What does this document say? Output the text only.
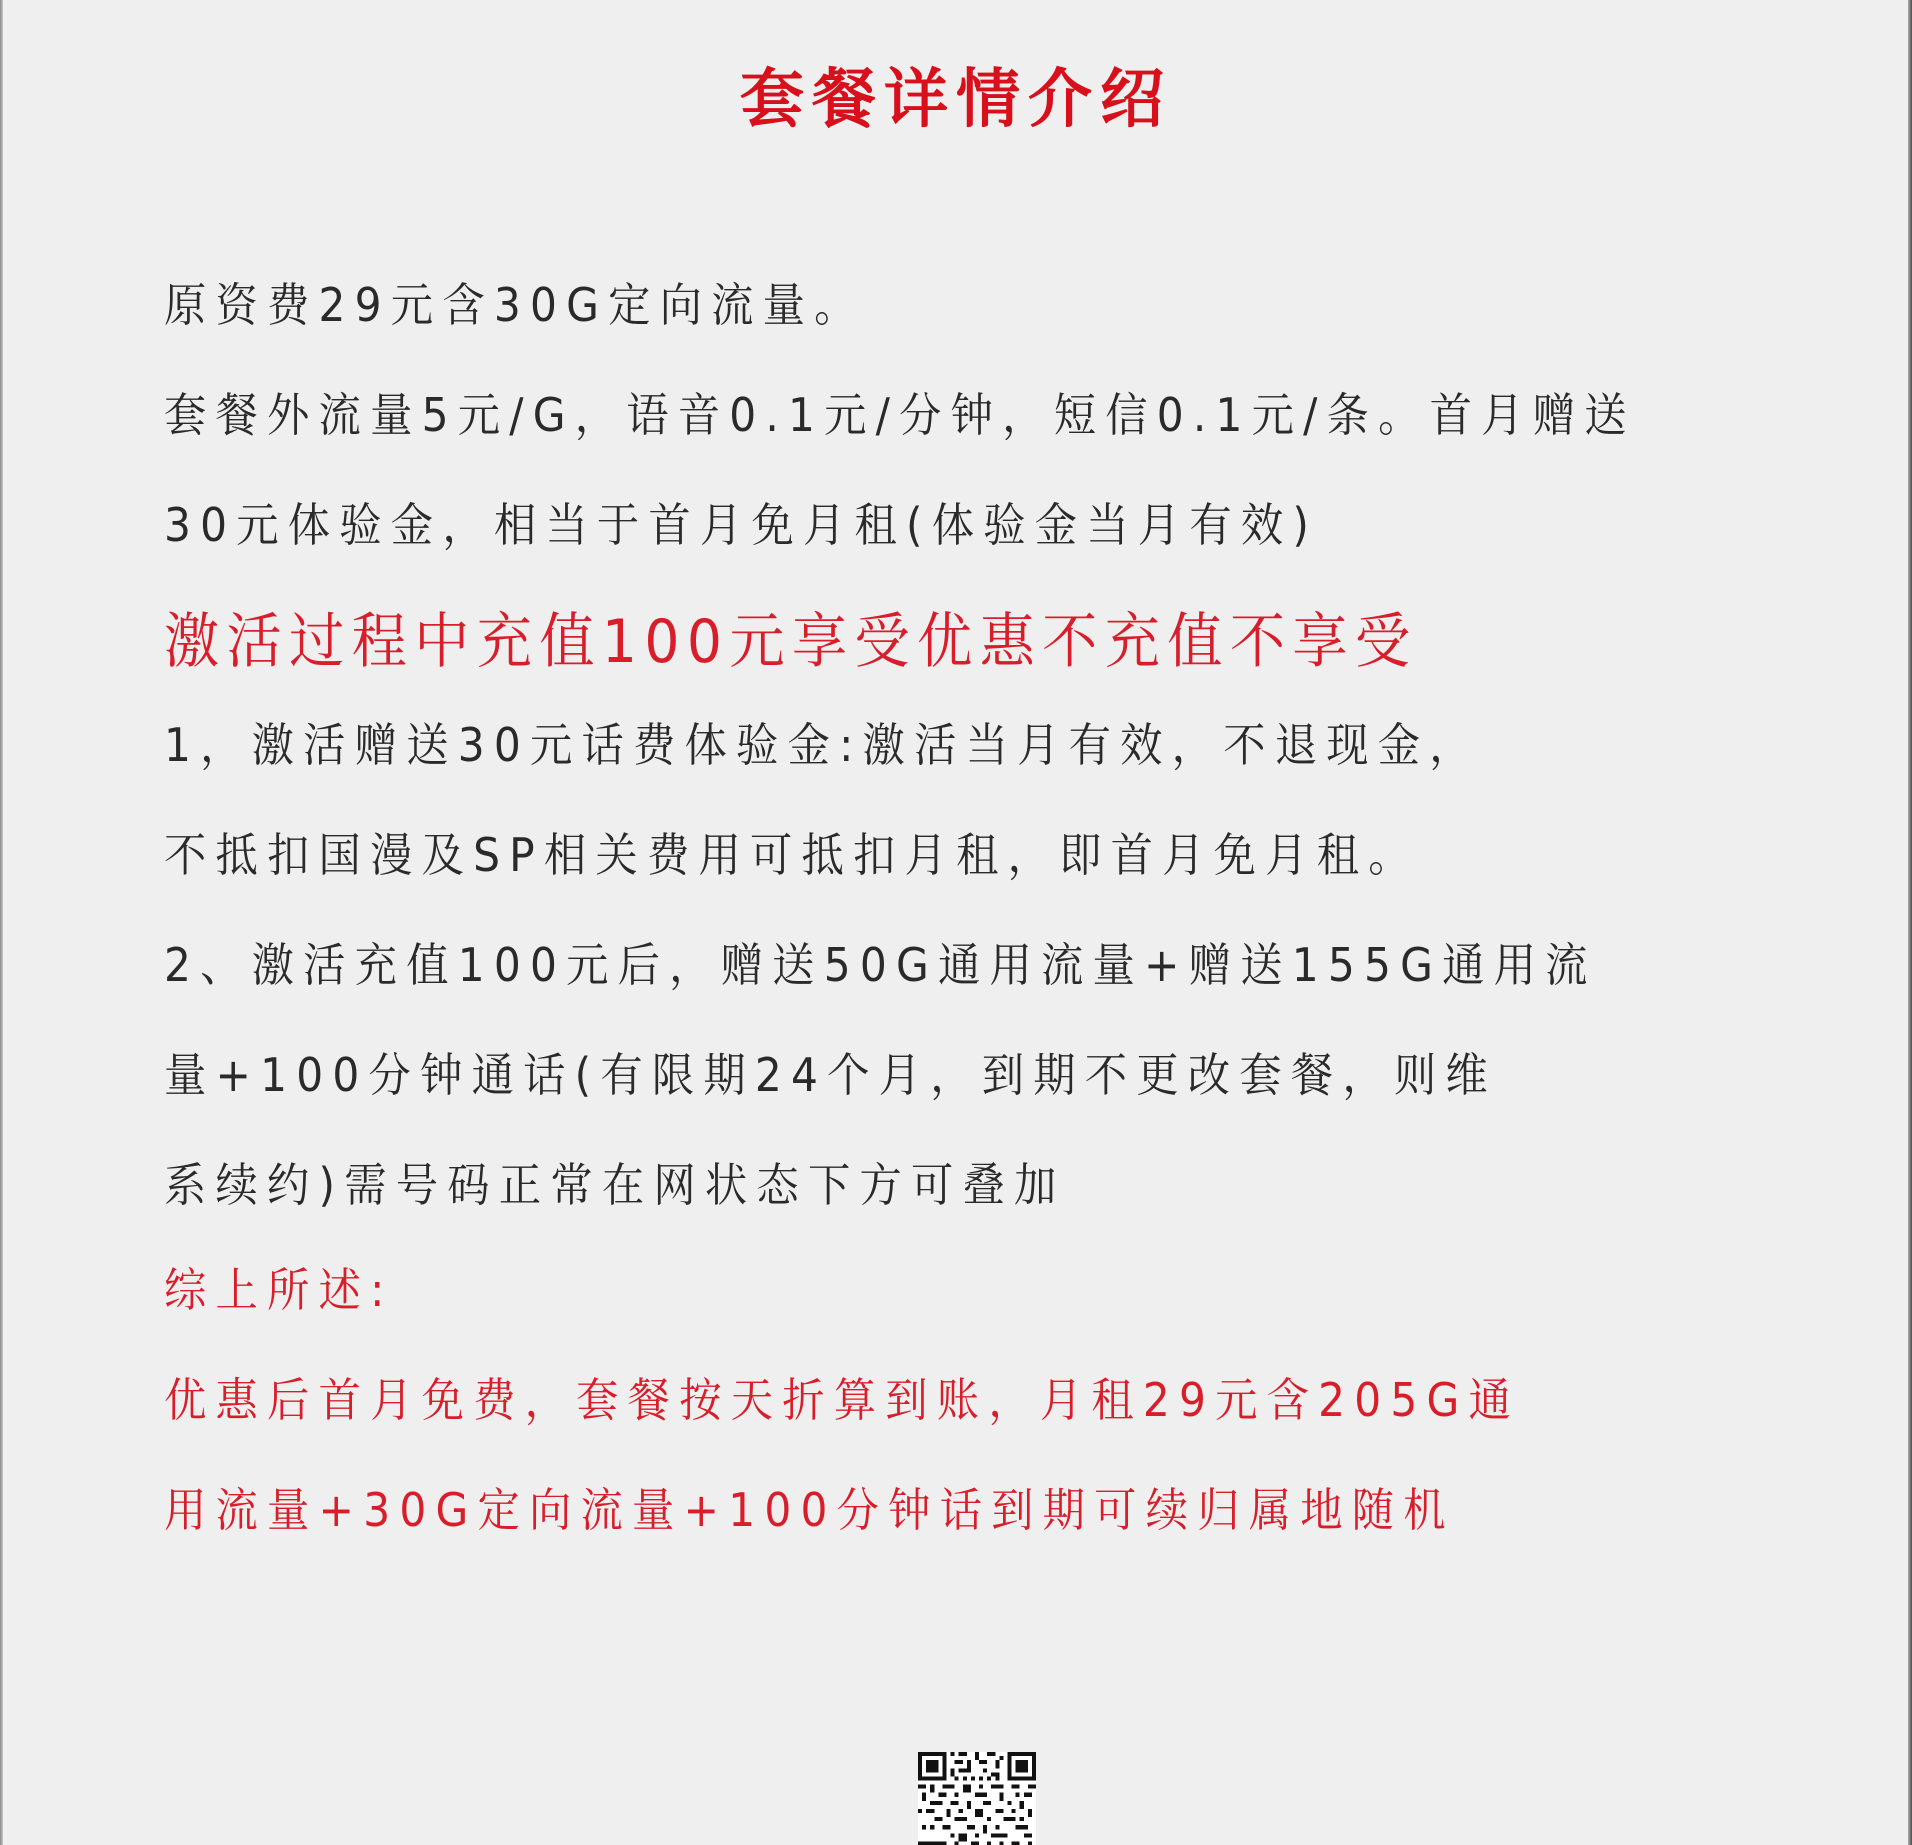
套餐详情介绍
原资费29元含30G定向流量。
套餐外流量5元/G，语音0.1元/分钟，短信0.1元/条。首月赠送
30元体验金，相当于首月免月租(体验金当月有效)
激活过程中充值100元享受优惠不充值不享受
1，激活赠送30元话费体验金:激活当月有效，不退现金，
不抵扣国漫及SP相关费用可抵扣月租，即首月免月租。
2、激活充值100元后，赠送50G通用流量+赠送155G通用流
量+100分钟通话(有限期24个月，到期不更改套餐，则维
系续约)需号码正常在网状态下方可叠加
综上所述:
优惠后首月免费，套餐按天折算到账，月租29元含205G通
用流量+30G定向流量+100分钟话到期可续归属地随机
